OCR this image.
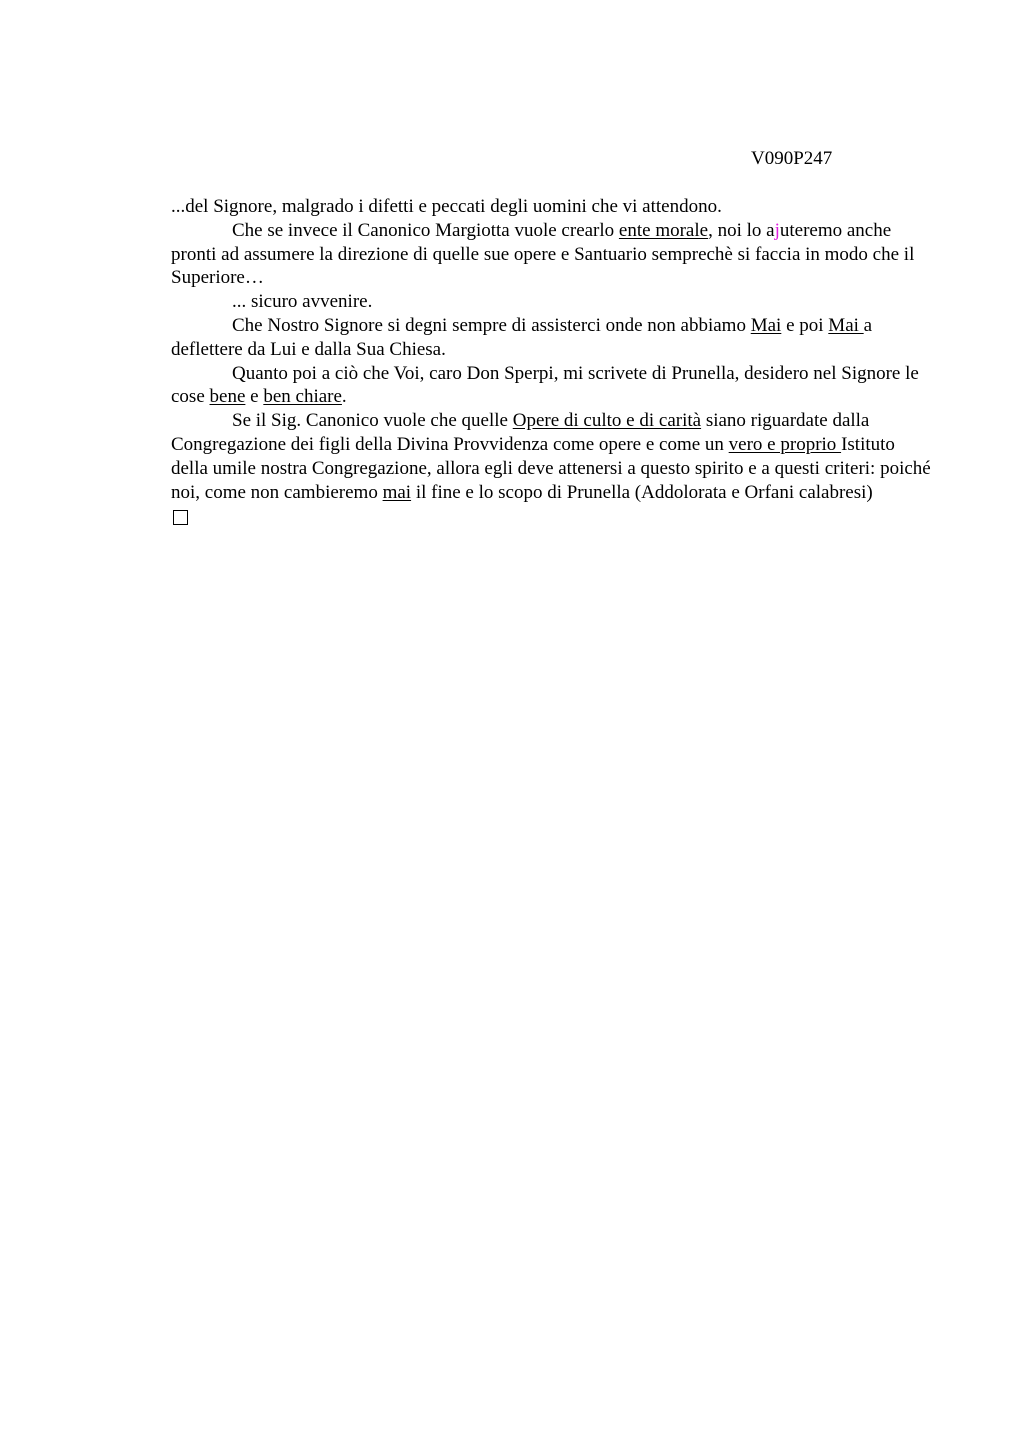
V090P247

...del Signore, malgrado i difetti e peccati degli uomini che vi attendono.

Che se invece il Canonico Margiotta vuole crearlo ente morale, noi lo ajuteremo anche pronti ad assumere la direzione di quelle sue opere e Santuario semprechè si faccia in modo che il Superiore…

... sicuro avvenire.

Che Nostro Signore si degni sempre di assisterci onde non abbiamo Mai e poi Mai a deflettere da Lui e dalla Sua Chiesa.

Quanto poi a ciò che Voi, caro Don Sperpi, mi scrivete di Prunella, desidero nel Signore le cose bene e ben chiare.

Se il Sig. Canonico vuole che quelle Opere di culto e di carità siano riguardate dalla Congregazione dei figli della Divina Provvidenza come opere e come un vero e proprio Istituto della umile nostra Congregazione, allora egli deve attenersi a questo spirito e a questi criteri: poiché noi, come non cambieremo mai il fine e lo scopo di Prunella (Addolorata e Orfani calabresi)
